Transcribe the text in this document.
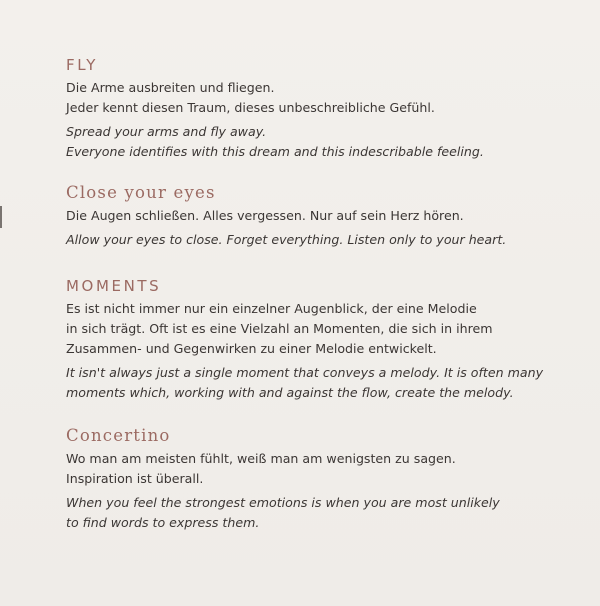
FLY

Die Arme ausbreiten und fliegen.
Jeder kennt diesen Traum, dieses unbeschreibliche Gefühl.

Spread your arms and fly away.
Everyone identifies with this dream and this indescribable feeling.

Close your eyes

Die Augen schließen. Alles vergessen. Nur auf sein Herz hören.

Allow your eyes to close. Forget everything. Listen only to your heart.

MOMENTS

Es ist nicht immer nur ein einzelner Augenblick, der eine Melodie
in sich trägt. Oft ist es eine Vielzahl an Momenten, die sich in ihrem
Zusammen- und Gegenwirken zu einer Melodie entwickelt.

It isn't always just a single moment that conveys a melody. It is often many
moments which, working with and against the flow, create the melody.

Concertino

Wo man am meisten fühlt, weiß man am wenigsten zu sagen.
Inspiration ist überall.

When you feel the strongest emotions is when you are most unlikely
to find words to express them.
